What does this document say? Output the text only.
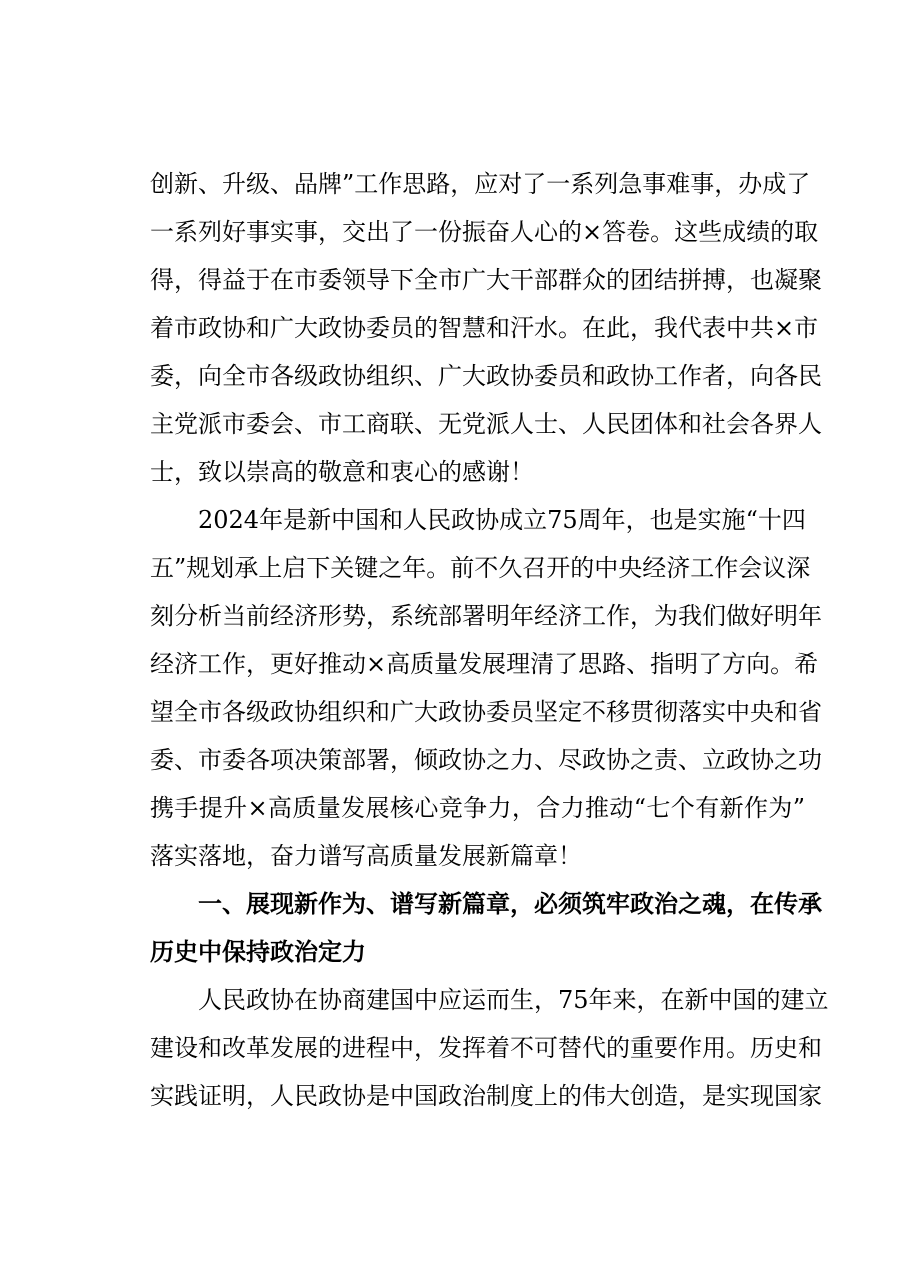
创新、升级、品牌”工作思路，应对了一系列急事难事，办成了
一系列好事实事，交出了一份振奋人心的×答卷。这些成绩的取
得，得益于在市委领导下全市广大干部群众的团结拼搏，也凝聚
着市政协和广大政协委员的智慧和汗水。在此，我代表中共×市
委，向全市各级政协组织、广大政协委员和政协工作者，向各民
主党派市委会、市工商联、无党派人士、人民团体和社会各界人
士，致以崇高的敬意和衷心的感谢！
2024年是新中国和人民政协成立75周年，也是实施“十四
五”规划承上启下关键之年。前不久召开的中央经济工作会议深
刻分析当前经济形势，系统部署明年经济工作，为我们做好明年
经济工作，更好推动×高质量发展理清了思路、指明了方向。希
望全市各级政协组织和广大政协委员坚定不移贯彻落实中央和省
委、市委各项决策部署，倾政协之力、尽政协之责、立政协之功
携手提升×高质量发展核心竞争力，合力推动“七个有新作为”
落实落地，奋力谱写高质量发展新篇章！
一、展现新作为、谱写新篇章，必须筑牢政治之魂，在传承
历史中保持政治定力
人民政协在协商建国中应运而生，75年来，在新中国的建立
建设和改革发展的进程中，发挥着不可替代的重要作用。历史和
实践证明，人民政协是中国政治制度上的伟大创造，是实现国家
